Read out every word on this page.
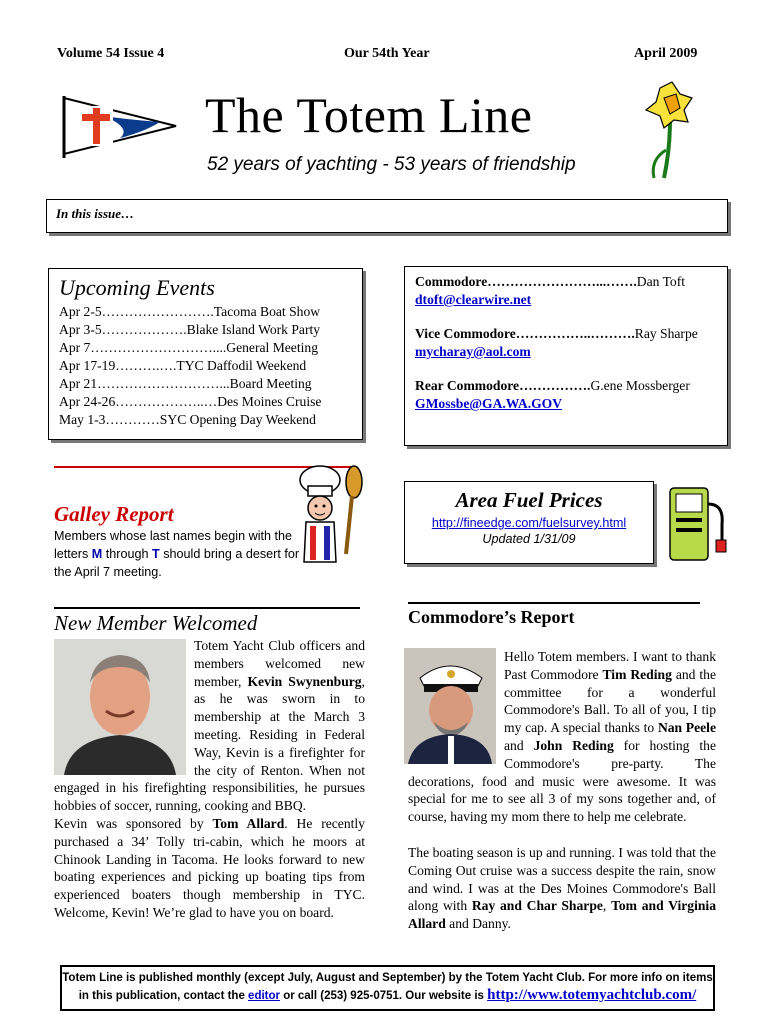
Volume 54 Issue 4	Our 54th Year	April 2009
The Totem Line
52 years of yachting - 53 years of friendship
In this issue…
Upcoming Events
Apr 2-5…………………….Tacoma Boat Show
Apr 3-5……………….Blake Island Work Party
Apr 7………………………....General Meeting
Apr 17-19……….….TYC Daffodil Weekend
Apr 21………………………...Board Meeting
Apr 24-26………………..…Des Moines Cruise
May 1-3…………SYC Opening Day Weekend
Commodore……………………...…….Dan Toft
dtoft@clearwire.net
Vice Commodore……………..……….Ray Sharpe
mycharay@aol.com
Rear Commodore…………….G.ene Mossberger
GMossbe@GA.WA.GOV
Galley Report
Members whose last names begin with the letters M through T should bring a desert for the April 7 meeting.
Area Fuel Prices
http://fineedge.com/fuelsurvey.html
Updated 1/31/09
New Member Welcomed
Totem Yacht Club officers and members welcomed new member, Kevin Swynenburg, as he was sworn in to membership at the March 3 meeting. Residing in Federal Way, Kevin is a firefighter for the city of Renton. When not engaged in his firefighting responsibilities, he pursues hobbies of soccer, running, cooking and BBQ.
Kevin was sponsored by Tom Allard. He recently purchased a 34’ Tolly tri-cabin, which he moors at Chinook Landing in Tacoma. He looks forward to new boating experiences and picking up boating tips from experienced boaters though membership in TYC. Welcome, Kevin! We’re glad to have you on board.
Commodore’s Report
Hello Totem members. I want to thank Past Commodore Tim Reding and the committee for a wonderful Commodore's Ball. To all of you, I tip my cap. A special thanks to Nan Peele and John Reding for hosting the Commodore's pre-party. The decorations, food and music were awesome. It was special for me to see all 3 of my sons together and, of course, having my mom there to help me celebrate.
The boating season is up and running. I was told that the Coming Out cruise was a success despite the rain, snow and wind. I was at the Des Moines Commodore's Ball along with Ray and Char Sharpe, Tom and Virginia Allard and Danny.
Totem Line is published monthly (except July, August and September) by the Totem Yacht Club. For more info on items in this publication, contact the editor or call (253) 925-0751. Our website is http://www.totemyachtclub.com/
